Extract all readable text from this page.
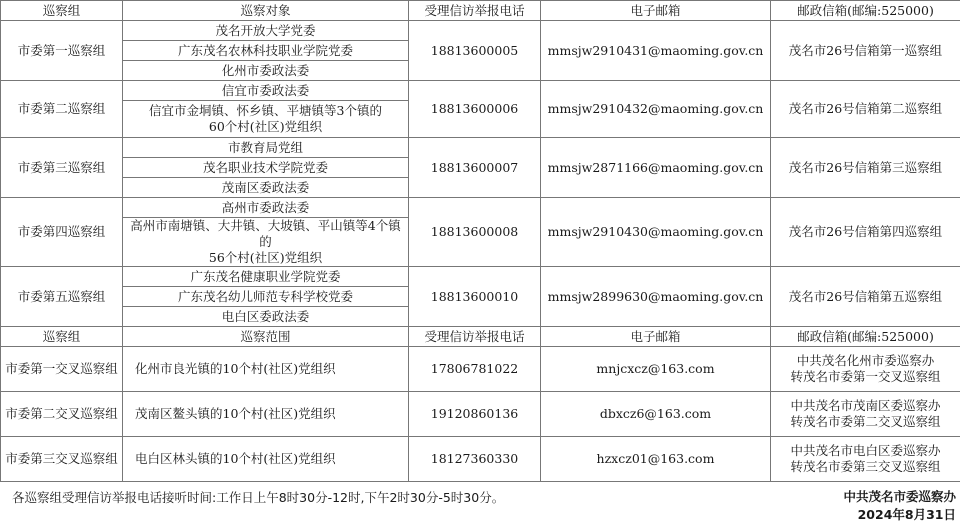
巡察组	巡察对象	受理信访举报电话	电子邮箱	邮政信箱(邮编:525000)
市委第一巡察组	茂名开放大学党委	18813600005	mmsjw2910431@maoming.gov.cn	茂名市26号信箱第一巡察组
	广东茂名农林科技职业学院党委			
	化州市委政法委			
市委第二巡察组	信宜市委政法委	18813600006	mmsjw2910432@maoming.gov.cn	茂名市26号信箱第二巡察组
	信宜市金垌镇、怀乡镇、平塘镇等3个镇的
60个村(社区)党组织			
市委第三巡察组	市教育局党组	18813600007	mmsjw2871166@maoming.gov.cn	茂名市26号信箱第三巡察组
	茂名职业技术学院党委			
	茂南区委政法委			
市委第四巡察组	高州市委政法委	18813600008	mmsjw2910430@maoming.gov.cn	茂名市26号信箱第四巡察组
	高州市南塘镇、大井镇、大坡镇、平山镇等4个镇的
56个村(社区)党组织			
市委第五巡察组	广东茂名健康职业学院党委	18813600010	mmsjw2899630@maoming.gov.cn	茂名市26号信箱第五巡察组
	广东茂名幼儿师范专科学校党委			
	电白区委政法委			
巡察组	巡察范围	受理信访举报电话	电子邮箱	邮政信箱(邮编:525000)
市委第一交叉巡察组	化州市良光镇的10个村(社区)党组织	17806781022	mnjcxcz@163.com	中共茂名化州市委巡察办
转茂名市委第一交叉巡察组
市委第二交叉巡察组	茂南区鳌头镇的10个村(社区)党组织	19120860136	dbxcz6@163.com	中共茂名市茂南区委巡察办
转茂名市委第二交叉巡察组
市委第三交叉巡察组	电白区林头镇的10个村(社区)党组织	18127360330	hzxcz01@163.com	中共茂名市电白区委巡察办
转茂名市委第三交叉巡察组
各巡察组受理信访举报电话接听时间:工作日上午8时30分-12时,下午2时30分-5时30分。	中共茂名市委巡察办
2024年8月31日
